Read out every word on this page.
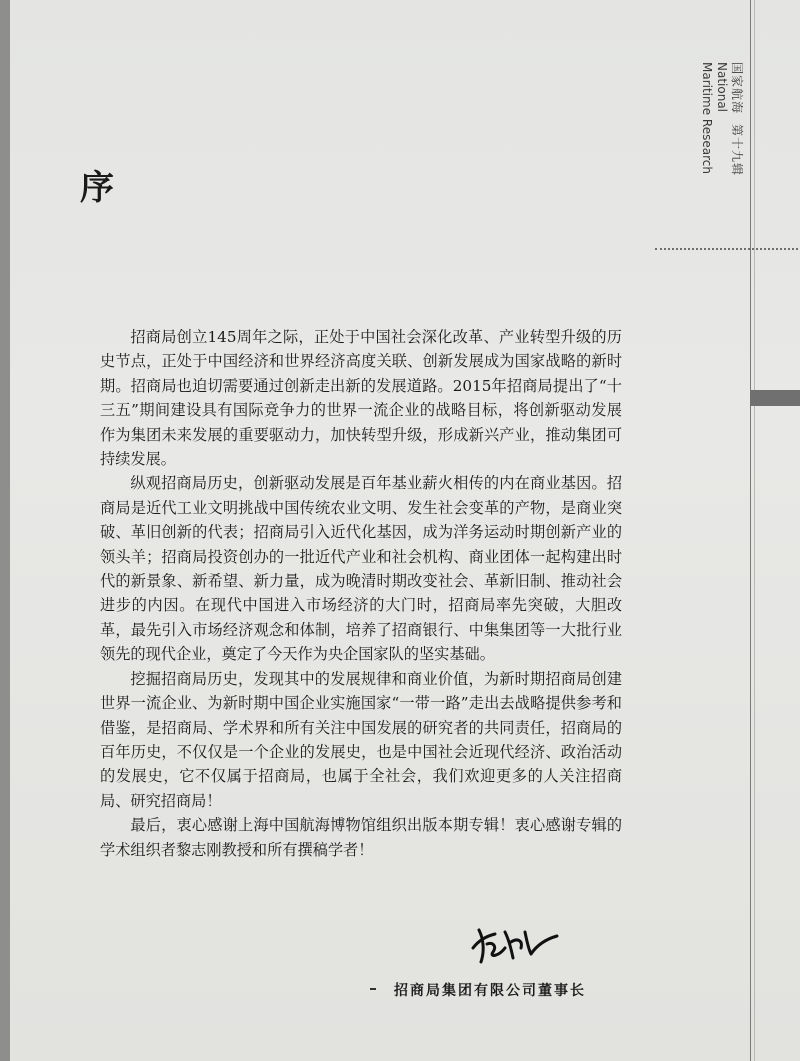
国家航海第十九辑
National
Maritime Research
序

招商局创立145周年之际，正处于中国社会深化改革、产业转型升级的历史节点，正处于中国经济和世界经济高度关联、创新发展成为国家战略的新时期。招商局也迫切需要通过创新走出新的发展道路。2015年招商局提出了“十三五”期间建设具有国际竞争力的世界一流企业的战略目标，将创新驱动发展作为集团未来发展的重要驱动力，加快转型升级，形成新兴产业，推动集团可持续发展。

纵观招商局历史，创新驱动发展是百年基业薪火相传的内在商业基因。招商局是近代工业文明挑战中国传统农业文明、发生社会变革的产物，是商业突破、革旧创新的代表；招商局引入近代化基因，成为洋务运动时期创新产业的领头羊；招商局投资创办的一批近代产业和社会机构、商业团体一起构建出时代的新景象、新希望、新力量，成为晚清时期改变社会、革新旧制、推动社会进步的内因。在现代中国进入市场经济的大门时，招商局率先突破，大胆改革，最先引入市场经济观念和体制，培养了招商银行、中集集团等一大批行业领先的现代企业，奠定了今天作为央企国家队的坚实基础。

挖掘招商局历史，发现其中的发展规律和商业价值，为新时期招商局创建世界一流企业、为新时期中国企业实施国家“一带一路”走出去战略提供参考和借鉴，是招商局、学术界和所有关注中国发展的研究者的共同责任，招商局的百年历史，不仅仅是一个企业的发展史，也是中国社会近现代经济、政治活动的发展史，它不仅属于招商局，也属于全社会，我们欢迎更多的人关注招商局、研究招商局！

最后，衷心感谢上海中国航海博物馆组织出版本期专辑！衷心感谢专辑的学术组织者黎志刚教授和所有撰稿学者！

招商局集团有限公司董事长
